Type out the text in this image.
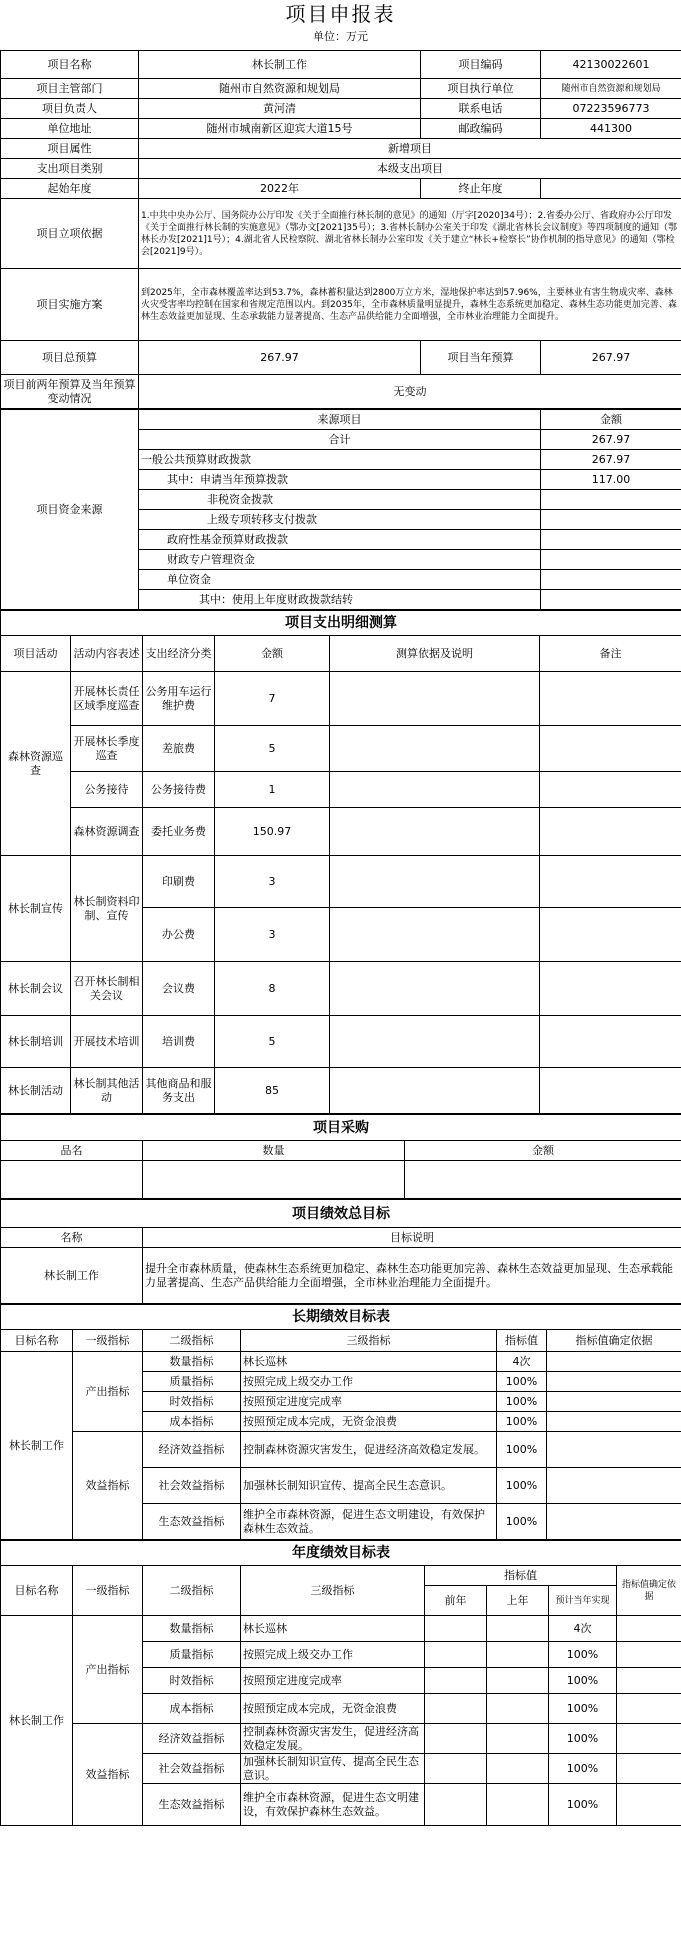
项目申报表
单位：万元
项目名称	林长制工作	项目编码	42130022601
项目主管部门	随州市自然资源和规划局	项目执行单位	随州市自然资源和规划局
项目负责人	黄河清	联系电话	07223596773
单位地址	随州市城南新区迎宾大道15号	邮政编码	441300
项目属性	新增项目		
支出项目类别	本级支出项目		
起始年度	2022年	终止年度	
项目立项依据	1.中共中央办公厅、国务院办公厅印发《关于全面推行林长制的意见》的通知（厅字[2020]34号）；2.省委办公厅、省政府办公厅印发《关于全面推行林长制的实施意见》（鄂办文[2021]35号）；3.省林长制办公室关于印发《湖北省林长会议制度》等四项制度的通知（鄂林长办发[2021]1号）；4.湖北省人民检察院、湖北省林长制办公室印发《关于建立“林长+检察长”协作机制的指导意见》的通知（鄂检会[2021]9号）。		
项目实施方案	到2025年，全市森林覆盖率达到53.7%，森林蓄积量达到2800万立方米，湿地保护率达到57.96%，主要林业有害生物成灾率、森林火灾受害率均控制在国家和省规定范围以内。到2035年，全市森林质量明显提升，森林生态系统更加稳定、森林生态功能更加完善、森林生态效益更加显现、生态承载能力显著提高、生态产品供给能力全面增强，全市林业治理能力全面提升。		
项目总预算	267.97	项目当年预算	267.97
项目前两年预算及当年预算变动情况	无变动		
项目资金来源	来源项目	金额
	合计	267.97
	一般公共预算财政拨款	267.97
	其中：申请当年预算拨款	117.00
	非税资金拨款	
	上级专项转移支付拨款	
	政府性基金预算财政拨款	
	财政专户管理资金	
	单位资金	
	其中：使用上年度财政拨款结转	
项目支出明细测算					
项目活动	活动内容表述	支出经济分类	金额	测算依据及说明	备注
森林资源巡查	开展林长责任区域季度巡查	公务用车运行维护费	7		
	开展林长季度巡查	差旅费	5		
	公务接待	公务接待费	1		
	森林资源调查	委托业务费	150.97		
林长制宣传	林长制资料印制、宣传	印刷费	3		
		办公费	3		
林长制会议	召开林长制相关会议	会议费	8		
林长制培训	开展技术培训	培训费	5		
林长制活动	林长制其他活动	其他商品和服务支出	85		
项目采购		
品名	数量	金额

项目绩效总目标	
名称	目标说明
林长制工作	提升全市森林质量，使森林生态系统更加稳定、森林生态功能更加完善、森林生态效益更加显现、生态承载能力显著提高、生态产品供给能力全面增强，全市林业治理能力全面提升。
长期绩效目标表					
目标名称	一级指标	二级指标	三级指标	指标值	指标值确定依据
林长制工作	产出指标	数量指标	林长巡林	4次	
		质量指标	按照完成上级交办工作	100%	
		时效指标	按照预定进度完成率	100%	
		成本指标	按照预定成本完成，无资金浪费	100%	
	效益指标	经济效益指标	控制森林资源灾害发生，促进经济高效稳定发展。	100%	
		社会效益指标	加强林长制知识宣传、提高全民生态意识。	100%	
		生态效益指标	维护全市森林资源，促进生态文明建设，有效保护森林生态效益。	100%	
年度绩效目标表							
目标名称	一级指标	二级指标	三级指标	指标值			指标值确定依据
				前年	上年	预计当年实现	
林长制工作	产出指标	数量指标	林长巡林			4次	
		质量指标	按照完成上级交办工作			100%	
		时效指标	按照预定进度完成率			100%	
		成本指标	按照预定成本完成，无资金浪费			100%	
	效益指标	经济效益指标	控制森林资源灾害发生，促进经济高效稳定发展。			100%	
		社会效益指标	加强林长制知识宣传、提高全民生态意识。			100%	
		生态效益指标	维护全市森林资源，促进生态文明建设，有效保护森林生态效益。			100%	
